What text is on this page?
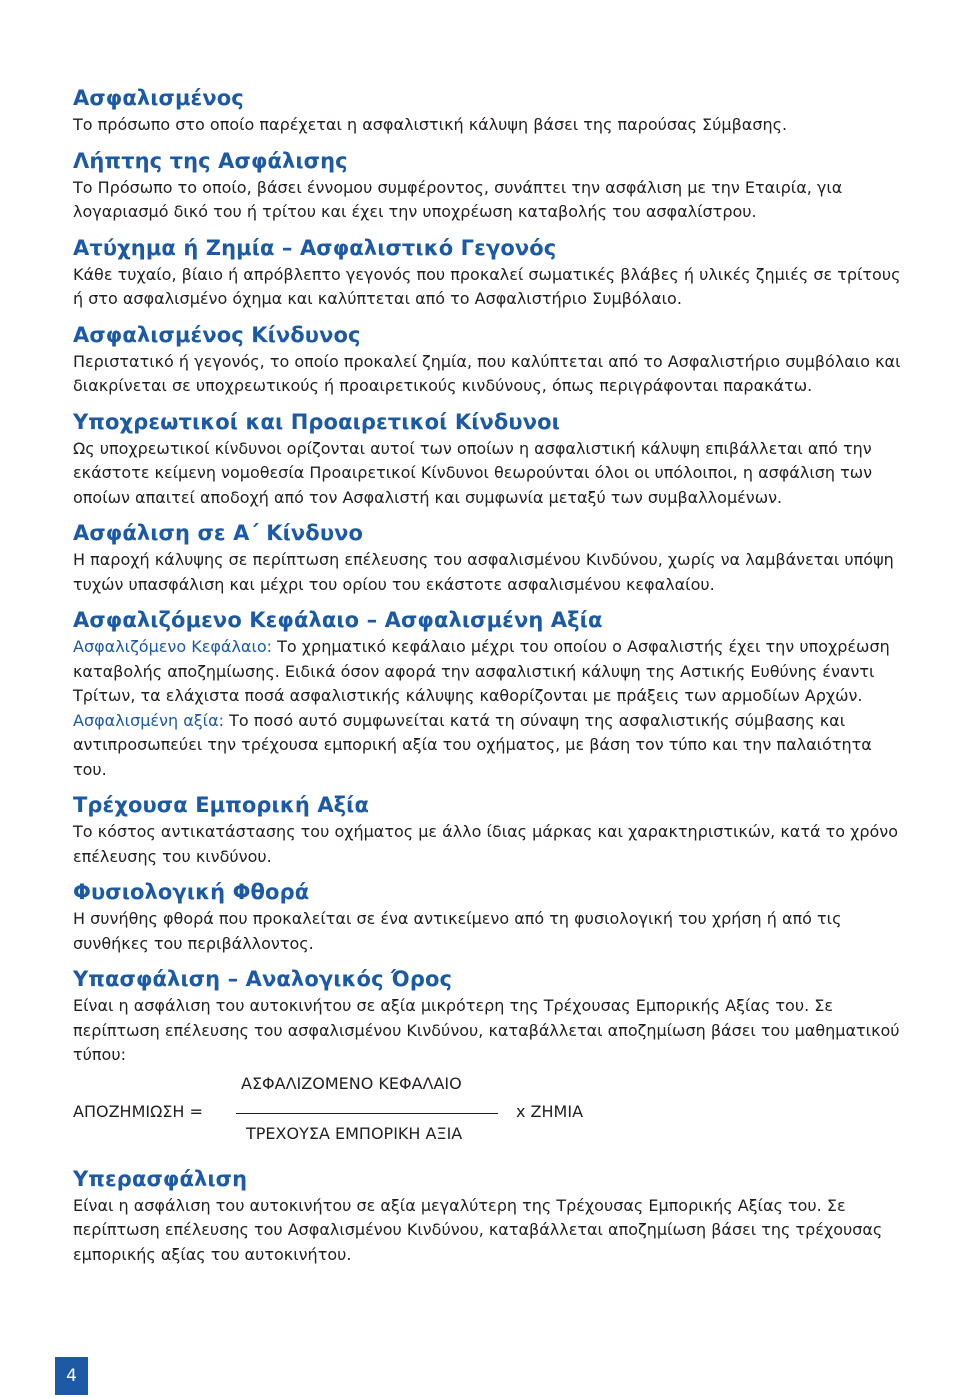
Ασφαλισμένος

Το πρόσωπο στο οποίο παρέχεται η ασφαλιστική κάλυψη βάσει της παρούσας Σύμβασης.

Λήπτης της Ασφάλισης

Το Πρόσωπο το οποίο, βάσει έννομου συμφέροντος, συνάπτει την ασφάλιση με την Εταιρία, για λογαριασμό δικό του ή τρίτου και έχει την υποχρέωση καταβολής του ασφαλίστρου.

Ατύχημα ή Ζημία – Ασφαλιστικό Γεγονός

Κάθε τυχαίο, βίαιο ή απρόβλεπτο γεγονός που προκαλεί σωματικές βλάβες ή υλικές ζημιές σε τρίτους ή στο ασφαλισμένο όχημα και καλύπτεται από το Ασφαλιστήριο Συμβόλαιο.

Ασφαλισμένος Κίνδυνος

Περιστατικό ή γεγονός, το οποίο προκαλεί ζημία, που καλύπτεται από το Ασφαλιστήριο συμβόλαιο και διακρίνεται σε υποχρεωτικούς ή προαιρετικούς κινδύνους, όπως περιγράφονται παρακάτω.

Υποχρεωτικοί και Προαιρετικοί Κίνδυνοι

Ως υποχρεωτικοί κίνδυνοι ορίζονται αυτοί των οποίων η ασφαλιστική κάλυψη επιβάλλεται από την εκάστοτε κείμενη νομοθεσία Προαιρετικοί Κίνδυνοι θεωρούνται όλοι οι υπόλοιποι, η ασφάλιση των οποίων απαιτεί αποδοχή από τον Ασφαλιστή και συμφωνία μεταξύ των συμβαλλομένων.

Ασφάλιση σε Α΄ Κίνδυνο

Η παροχή κάλυψης σε περίπτωση επέλευσης του ασφαλισμένου Κινδύνου, χωρίς να λαμβάνεται υπόψη τυχών υπασφάλιση και μέχρι του ορίου του εκάστοτε ασφαλισμένου κεφαλαίου.

Ασφαλιζόμενο Κεφάλαιο – Ασφαλισμένη Αξία

Ασφαλιζόμενο Κεφάλαιο: Το χρηματικό κεφάλαιο μέχρι του οποίου ο Ασφαλιστής έχει την υποχρέωση καταβολής αποζημίωσης. Ειδικά όσον αφορά την ασφαλιστική κάλυψη της Αστικής Ευθύνης έναντι Τρίτων, τα ελάχιστα ποσά ασφαλιστικής κάλυψης καθορίζονται με πράξεις των αρμοδίων Αρχών.

Ασφαλισμένη αξία: Το ποσό αυτό συμφωνείται κατά τη σύναψη της ασφαλιστικής σύμβασης και αντιπροσωπεύει την τρέχουσα εμπορική αξία του οχήματος, με βάση τον τύπο και την παλαιότητα του.

Τρέχουσα Εμπορική Αξία

Το κόστος αντικατάστασης του οχήματος με άλλο ίδιας μάρκας και χαρακτηριστικών, κατά το χρόνο επέλευσης του κινδύνου.

Φυσιολογική Φθορά

Η συνήθης φθορά που προκαλείται σε ένα αντικείμενο από τη φυσιολογική του χρήση ή από τις συνθήκες του περιβάλλοντος.

Υπασφάλιση – Αναλογικός Όρος

Είναι η ασφάλιση του αυτοκινήτου σε αξία μικρότερη της Τρέχουσας Εμπορικής Αξίας του. Σε περίπτωση επέλευσης του ασφαλισμένου Κινδύνου, καταβάλλεται αποζημίωση βάσει του μαθηματικού τύπου:

ΑΠΟΖΗΜΙΩΣΗ =
ΑΣΦΑΛΙΖΟΜΕΝΟ ΚΕΦΑΛΑΙΟ
ΤΡΕΧΟΥΣΑ ΕΜΠΟΡΙΚΗ ΑΞΙΑ
x ΖΗΜΙΑ
Υπερασφάλιση

Είναι η ασφάλιση του αυτοκινήτου σε αξία μεγαλύτερη της Τρέχουσας Εμπορικής Αξίας του. Σε περίπτωση επέλευσης του Ασφαλισμένου Κινδύνου, καταβάλλεται αποζημίωση βάσει της τρέχουσας εμπορικής αξίας του αυτοκινήτου.

4
